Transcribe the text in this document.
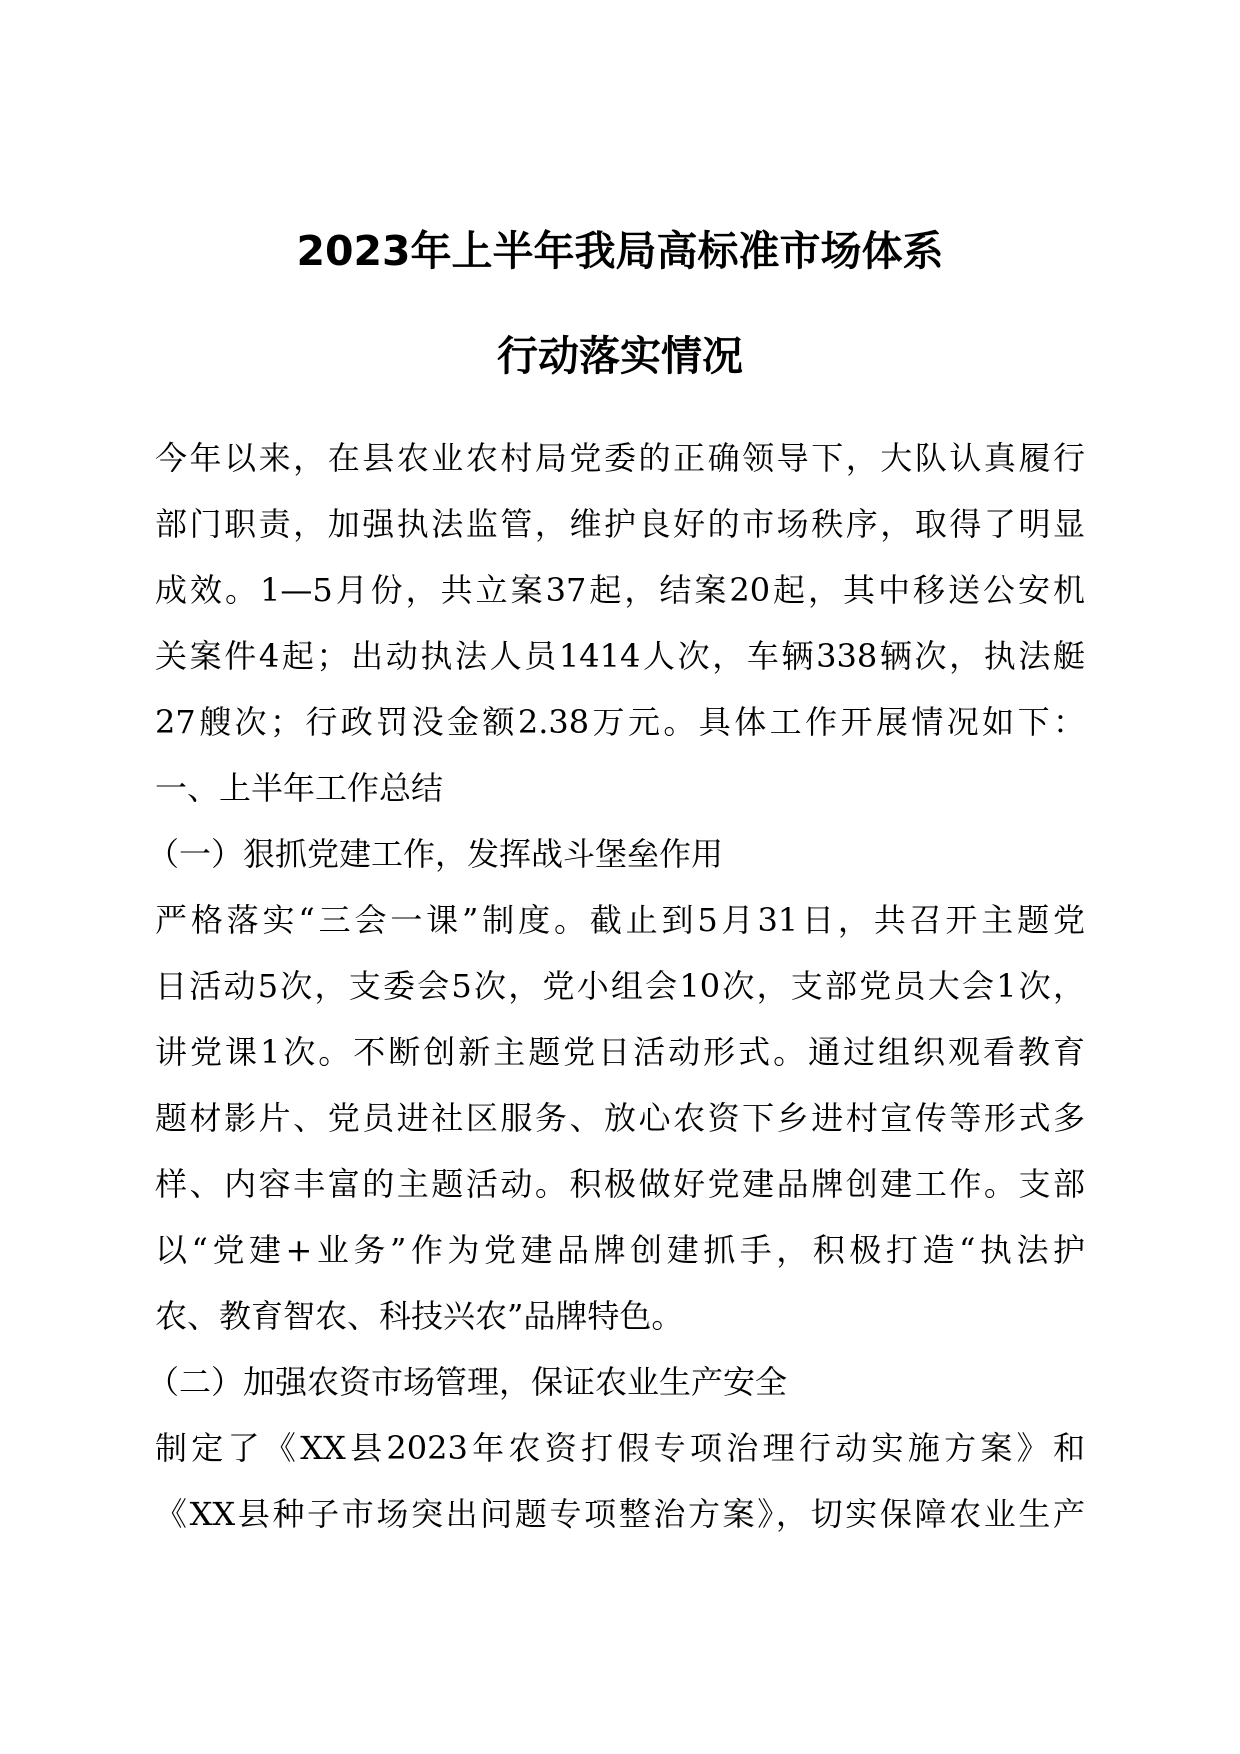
2023年上半年我局高标准市场体系
行动落实情况
今年以来，在县农业农村局党委的正确领导下，大队认真履行
部门职责，加强执法监管，维护良好的市场秩序，取得了明显
成效。1—5月份，共立案37起，结案20起，其中移送公安机
关案件4起；出动执法人员1414人次，车辆338辆次，执法艇
27艘次；行政罚没金额2.38万元。具体工作开展情况如下：
一、上半年工作总结
（一）狠抓党建工作，发挥战斗堡垒作用
严格落实“三会一课”制度。截止到5月31日，共召开主题党
日活动5次，支委会5次，党小组会10次，支部党员大会1次，
讲党课1次。不断创新主题党日活动形式。通过组织观看教育
题材影片、党员进社区服务、放心农资下乡进村宣传等形式多
样、内容丰富的主题活动。积极做好党建品牌创建工作。支部
以“党建+业务”作为党建品牌创建抓手，积极打造“执法护
农、教育智农、科技兴农”品牌特色。
（二）加强农资市场管理，保证农业生产安全
制定了《XX县2023年农资打假专项治理行动实施方案》和
《XX县种子市场突出问题专项整治方案》，切实保障农业生产
